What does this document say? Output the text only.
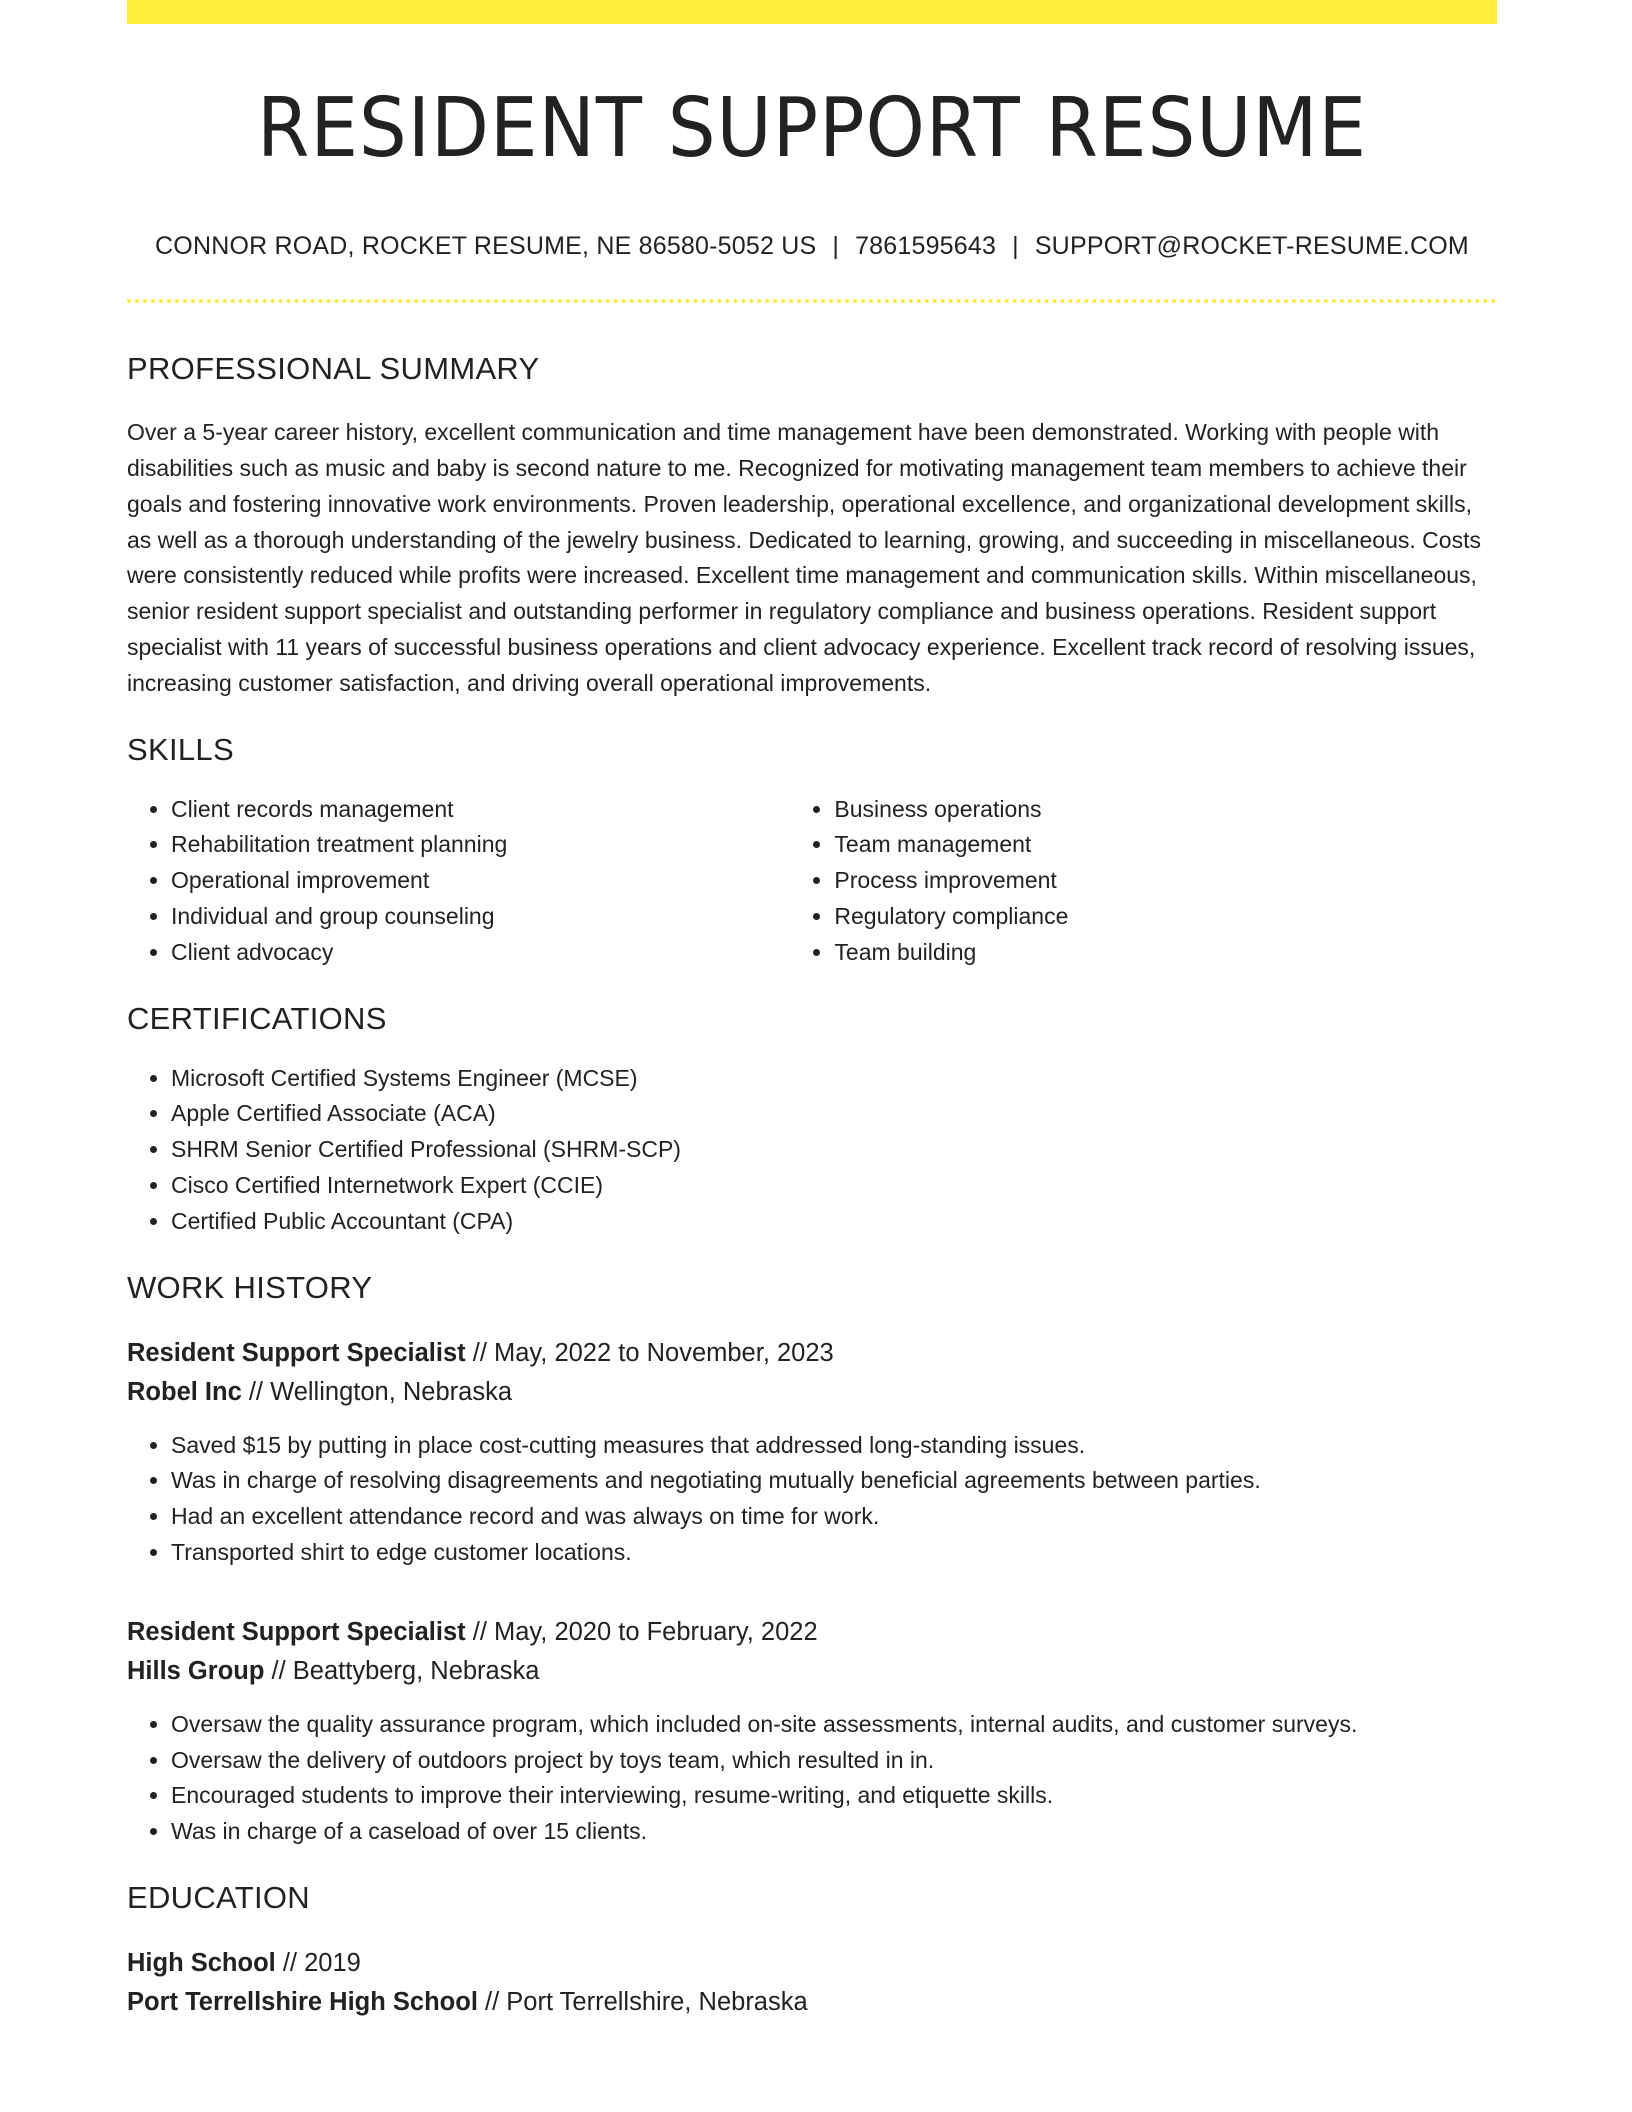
RESIDENT SUPPORT RESUME
CONNOR ROAD, ROCKET RESUME, NE 86580-5052 US | 7861595643 | SUPPORT@ROCKET-RESUME.COM
PROFESSIONAL SUMMARY
Over a 5-year career history, excellent communication and time management have been demonstrated. Working with people with disabilities such as music and baby is second nature to me. Recognized for motivating management team members to achieve their goals and fostering innovative work environments. Proven leadership, operational excellence, and organizational development skills, as well as a thorough understanding of the jewelry business. Dedicated to learning, growing, and succeeding in miscellaneous. Costs were consistently reduced while profits were increased. Excellent time management and communication skills. Within miscellaneous, senior resident support specialist and outstanding performer in regulatory compliance and business operations. Resident support specialist with 11 years of successful business operations and client advocacy experience. Excellent track record of resolving issues, increasing customer satisfaction, and driving overall operational improvements.
SKILLS
• Client records management
• Rehabilitation treatment planning
• Operational improvement
• Individual and group counseling
• Client advocacy
• Business operations
• Team management
• Process improvement
• Regulatory compliance
• Team building
CERTIFICATIONS
• Microsoft Certified Systems Engineer (MCSE)
• Apple Certified Associate (ACA)
• SHRM Senior Certified Professional (SHRM-SCP)
• Cisco Certified Internetwork Expert (CCIE)
• Certified Public Accountant (CPA)
WORK HISTORY
Resident Support Specialist // May, 2022 to November, 2023
Robel Inc // Wellington, Nebraska
• Saved $15 by putting in place cost-cutting measures that addressed long-standing issues.
• Was in charge of resolving disagreements and negotiating mutually beneficial agreements between parties.
• Had an excellent attendance record and was always on time for work.
• Transported shirt to edge customer locations.
Resident Support Specialist // May, 2020 to February, 2022
Hills Group // Beattyberg, Nebraska
• Oversaw the quality assurance program, which included on-site assessments, internal audits, and customer surveys.
• Oversaw the delivery of outdoors project by toys team, which resulted in in.
• Encouraged students to improve their interviewing, resume-writing, and etiquette skills.
• Was in charge of a caseload of over 15 clients.
EDUCATION
High School // 2019
Port Terrellshire High School // Port Terrellshire, Nebraska
